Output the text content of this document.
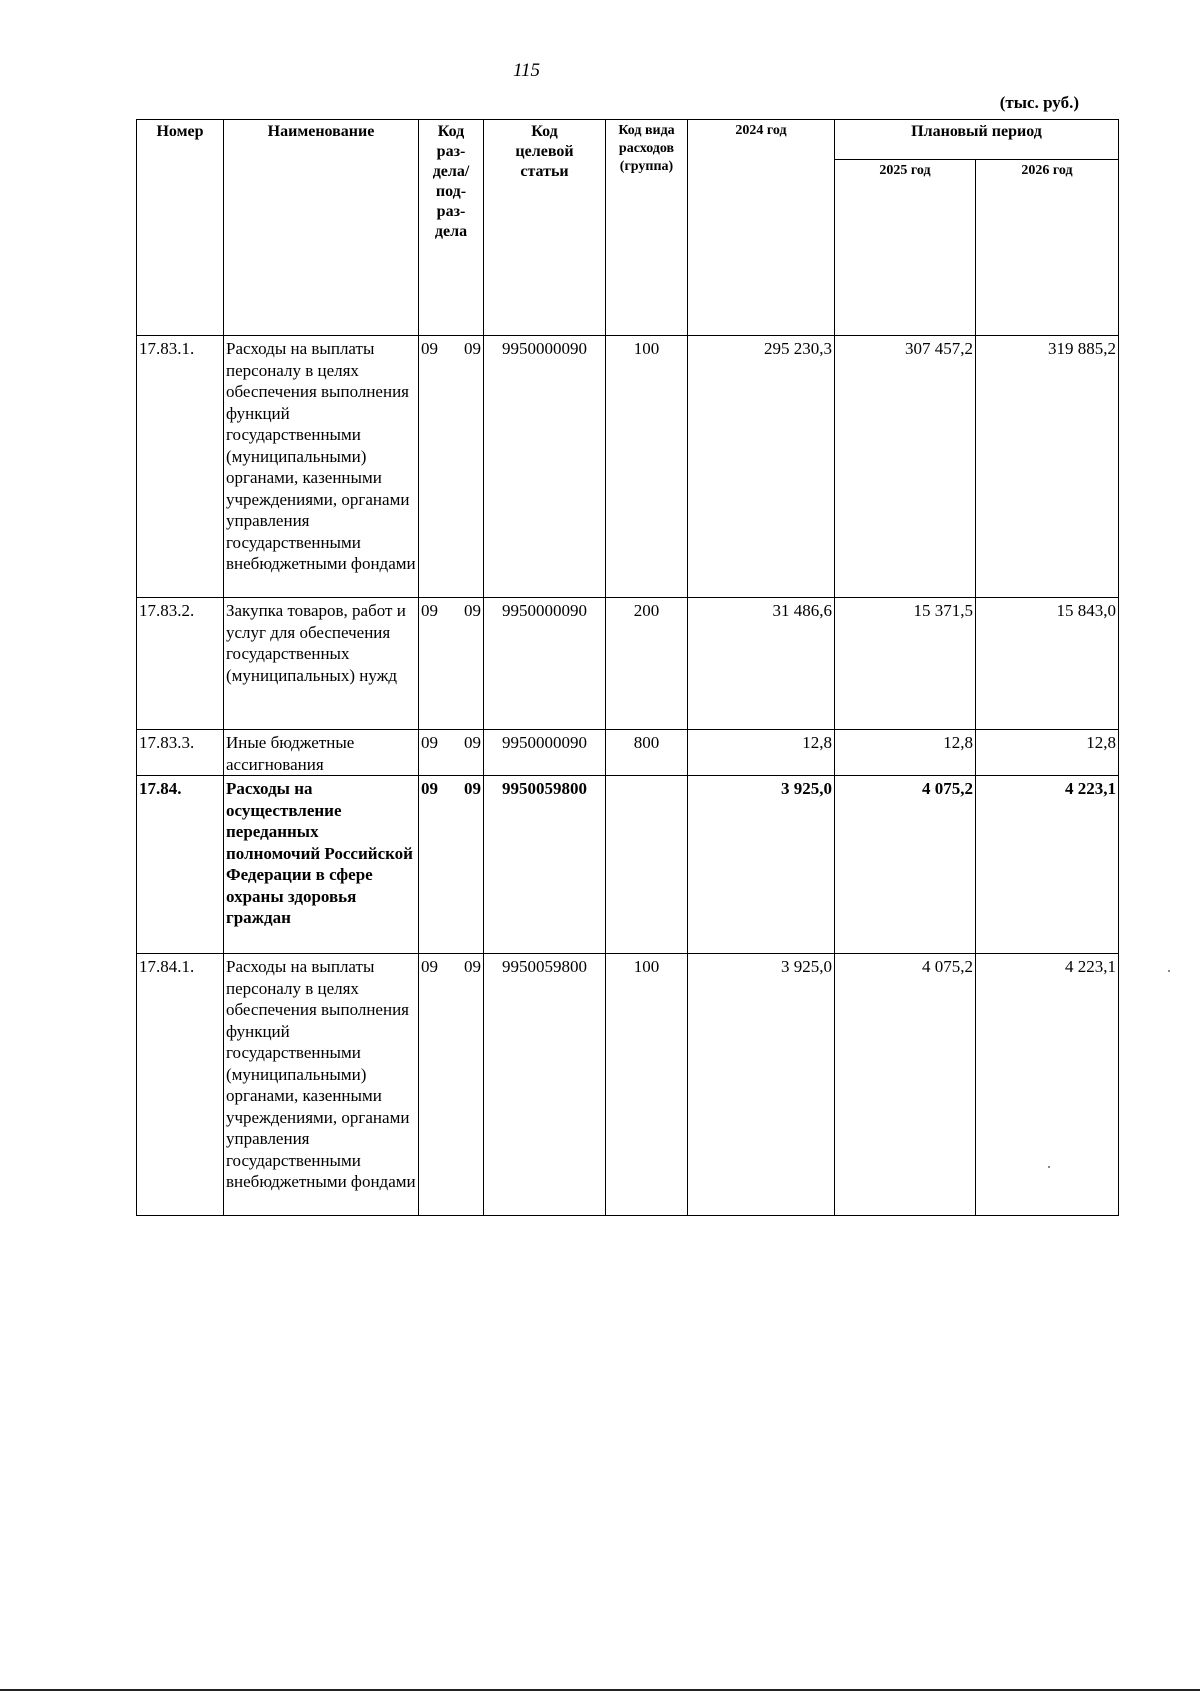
115
(тыс. руб.)
Номер	Наименование	Код раз-дела/ под-раз-дела	Код целевой статьи	Код вида расходов (группа)	2024 год	Плановый период	
						2025 год	2026 год
17.83.1.	Расходы на выплаты персоналу в целях обеспечения выполнения функций государственными (муниципальными) органами, казенными учреждениями, органами управления государственными внебюджетными фондами	09 09	9950000090	100	295 230,3	307 457,2	319 885,2
17.83.2.	Закупка товаров, работ и услуг для обеспечения государственных (муниципальных) нужд	09 09	9950000090	200	31 486,6	15 371,5	15 843,0
17.83.3.	Иные бюджетные ассигнования	09 09	9950000090	800	12,8	12,8	12,8
17.84.	Расходы на осуществление переданных полномочий Российской Федерации в сфере охраны здоровья граждан	09 09	9950059800		3 925,0	4 075,2	4 223,1
17.84.1.	Расходы на выплаты персоналу в целях обеспечения выполнения функций государственными (муниципальными) органами, казенными учреждениями, органами управления государственными внебюджетными фондами	09 09	9950059800	100	3 925,0	4 075,2	4 223,1
